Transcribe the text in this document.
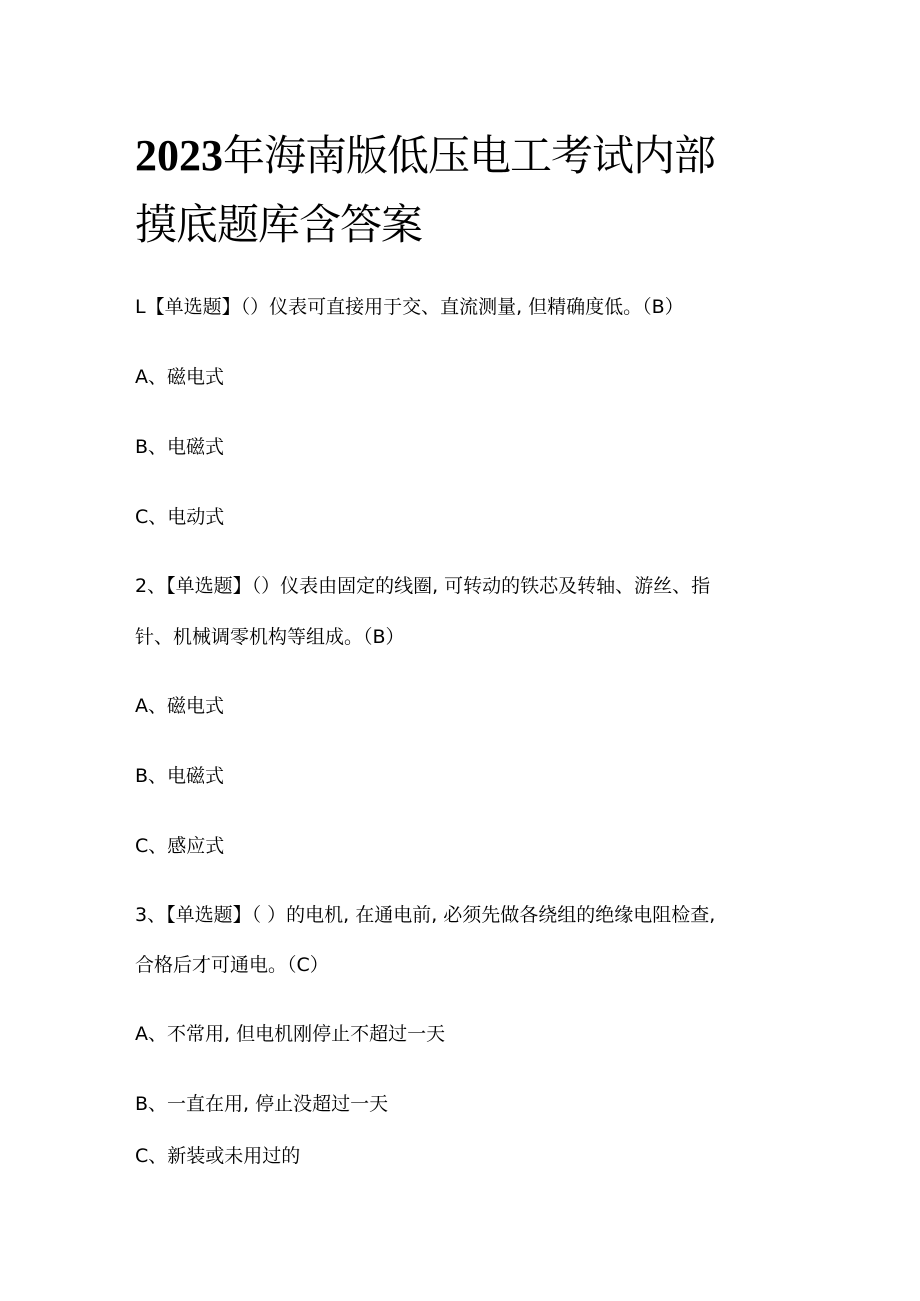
2023年海南版低压电工考试内部
摸底题库含答案

L【单选题】（）仪表可直接用于交、直流测量, 但精确度低。（B）

A、磁电式

B、电磁式

C、电动式

2、【单选题】（）仪表由固定的线圈, 可转动的铁芯及转轴、游丝、指

针、机械调零机构等组成。（B）

A、磁电式

B、电磁式

C、感应式

3、【单选题】（ ）的电机, 在通电前, 必须先做各绕组的绝缘电阻检查,

合格后才可通电。（C）

A、不常用, 但电机刚停止不超过一天

B、一直在用, 停止没超过一天

C、新装或未用过的
